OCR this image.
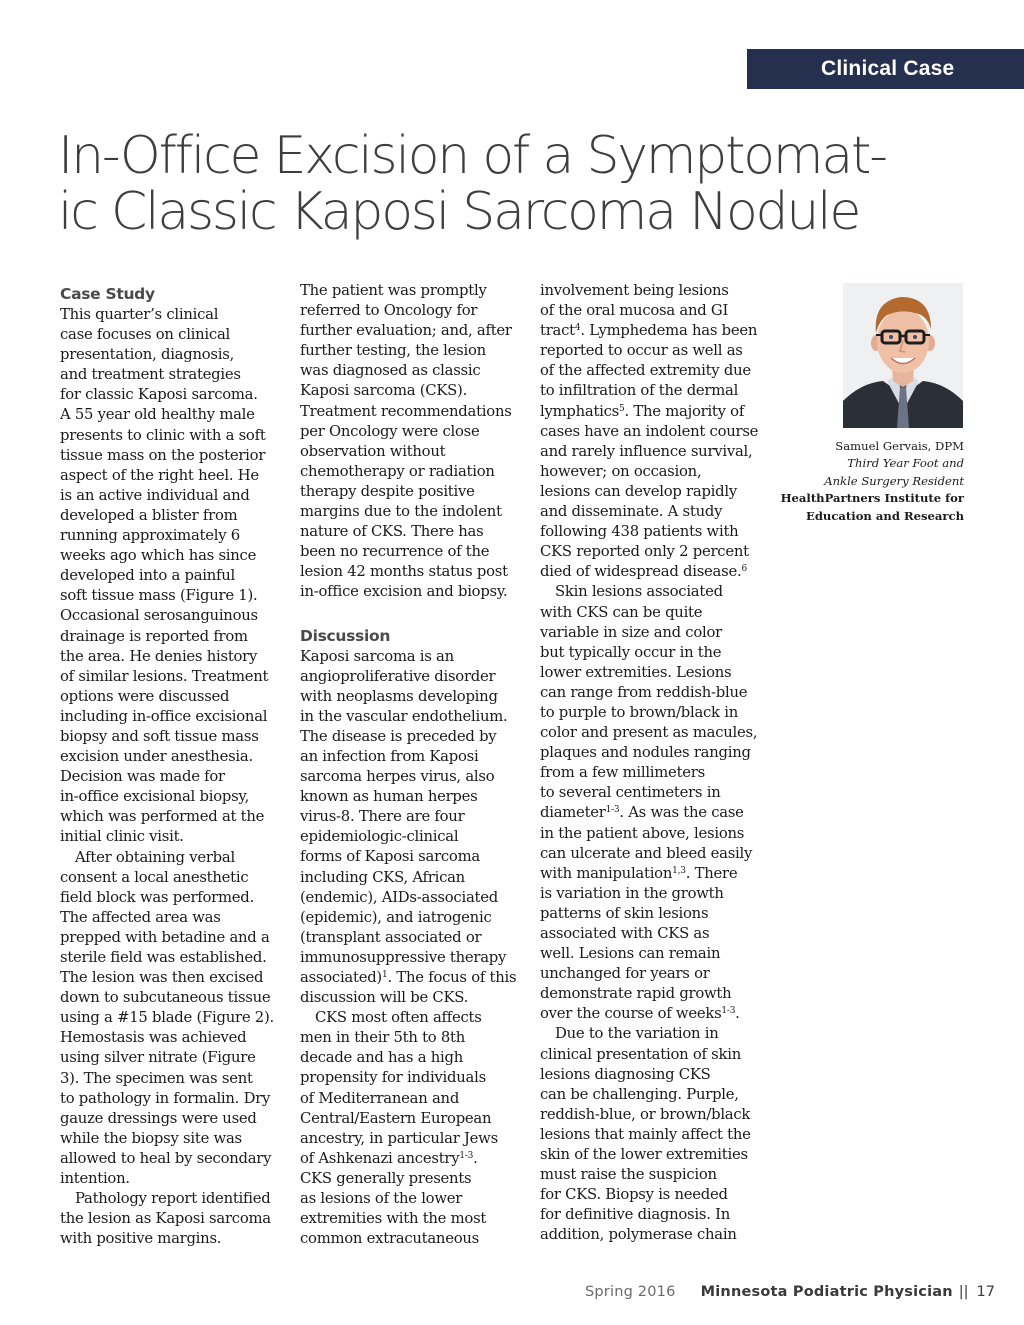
Clinical Case
In-Office Excision of a Symptomat-
ic Classic Kaposi Sarcoma Nodule
Case Study
This quarter’s clinical
case focuses on clinical
presentation, diagnosis,
and treatment strategies
for classic Kaposi sarcoma.
A 55 year old healthy male
presents to clinic with a soft
tissue mass on the posterior
aspect of the right heel. He
is an active individual and
developed a blister from
running approximately 6
weeks ago which has since
developed into a painful
soft tissue mass (Figure 1).
Occasional serosanguinous
drainage is reported from
the area. He denies history
of similar lesions. Treatment
options were discussed
including in-office excisional
biopsy and soft tissue mass
excision under anesthesia.
Decision was made for
in-office excisional biopsy,
which was performed at the
initial clinic visit.
After obtaining verbal
consent a local anesthetic
field block was performed.
The affected area was
prepped with betadine and a
sterile field was established.
The lesion was then excised
down to subcutaneous tissue
using a #15 blade (Figure 2).
Hemostasis was achieved
using silver nitrate (Figure
3). The specimen was sent
to pathology in formalin. Dry
gauze dressings were used
while the biopsy site was
allowed to heal by secondary
intention.
Pathology report identified
the lesion as Kaposi sarcoma
with positive margins.
The patient was promptly
referred to Oncology for
further evaluation; and, after
further testing, the lesion
was diagnosed as classic
Kaposi sarcoma (CKS).
Treatment recommendations
per Oncology were close
observation without
chemotherapy or radiation
therapy despite positive
margins due to the indolent
nature of CKS. There has
been no recurrence of the
lesion 42 months status post
in-office excision and biopsy.
Discussion
Kaposi sarcoma is an
angioproliferative disorder
with neoplasms developing
in the vascular endothelium.
The disease is preceded by
an infection from Kaposi
sarcoma herpes virus, also
known as human herpes
virus-8. There are four
epidemiologic-clinical
forms of Kaposi sarcoma
including CKS, African
(endemic), AIDs-associated
(epidemic), and iatrogenic
(transplant associated or
immunosuppressive therapy
associated)$^1$. The focus of this
discussion will be CKS.
CKS most often affects
men in their 5th to 8th
decade and has a high
propensity for individuals
of Mediterranean and
Central/Eastern European
ancestry, in particular Jews
of Ashkenazi ancestry$^{1-3}$.
CKS generally presents
as lesions of the lower
extremities with the most
common extracutaneous
involvement being lesions
of the oral mucosa and GI
tract$^4$. Lymphedema has been
reported to occur as well as
of the affected extremity due
to infiltration of the dermal
lymphatics$^5$. The majority of
cases have an indolent course
and rarely influence survival,
however; on occasion,
lesions can develop rapidly
and disseminate. A study
following 438 patients with
CKS reported only 2 percent
died of widespread disease.$^6$
Skin lesions associated
with CKS can be quite
variable in size and color
but typically occur in the
lower extremities. Lesions
can range from reddish-blue
to purple to brown/black in
color and present as macules,
plaques and nodules ranging
from a few millimeters
to several centimeters in
diameter$^{1-3}$. As was the case
in the patient above, lesions
can ulcerate and bleed easily
with manipulation$^{1,3}$. There
is variation in the growth
patterns of skin lesions
associated with CKS as
well. Lesions can remain
unchanged for years or
demonstrate rapid growth
over the course of weeks$^{1-3}$.
Due to the variation in
clinical presentation of skin
lesions diagnosing CKS
can be challenging. Purple,
reddish-blue, or brown/black
lesions that mainly affect the
skin of the lower extremities
must raise the suspicion
for CKS. Biopsy is needed
for definitive diagnosis. In
addition, polymerase chain
Samuel Gervais, DPM
Third Year Foot and
Ankle Surgery Resident
HealthPartners Institute for
Education and Research
Spring 2016	Minnesota Podiatric Physician || 17
